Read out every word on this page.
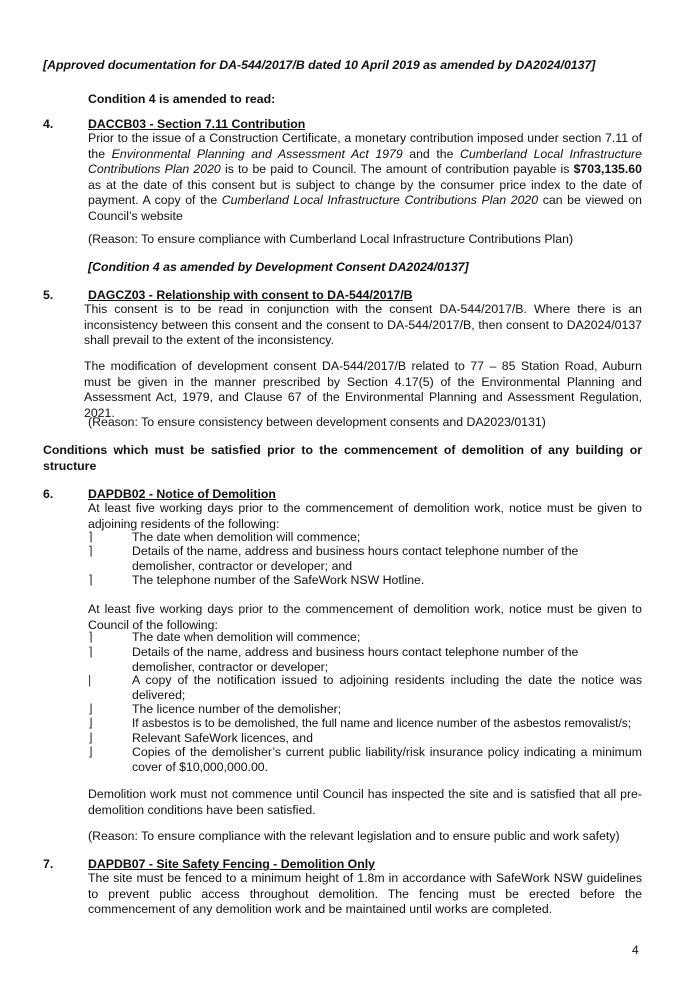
[Approved documentation for DA-544/2017/B dated 10 April 2019 as amended by DA2024/0137]
Condition 4 is amended to read:
4.	DACCB03 - Section 7.11 Contribution
Prior to the issue of a Construction Certificate, a monetary contribution imposed under section 7.11 of the Environmental Planning and Assessment Act 1979 and the Cumberland Local Infrastructure Contributions Plan 2020 is to be paid to Council. The amount of contribution payable is $703,135.60 as at the date of this consent but is subject to change by the consumer price index to the date of payment. A copy of the Cumberland Local Infrastructure Contributions Plan 2020 can be viewed on Council’s website
(Reason: To ensure compliance with Cumberland Local Infrastructure Contributions Plan)
[Condition 4 as amended by Development Consent DA2024/0137]
5.	DAGCZ03 - Relationship with consent to DA-544/2017/B
This consent is to be read in conjunction with the consent DA-544/2017/B. Where there is an inconsistency between this consent and the consent to DA-544/2017/B, then consent to DA2024/0137 shall prevail to the extent of the inconsistency.
The modification of development consent DA-544/2017/B related to 77 – 85 Station Road, Auburn must be given in the manner prescribed by Section 4.17(5) of the Environmental Planning and Assessment Act, 1979, and Clause 67 of the Environmental Planning and Assessment Regulation, 2021.
(Reason: To ensure consistency between development consents and DA2023/0131)
Conditions which must be satisfied prior to the commencement of demolition of any building or structure
6.	DAPDB02 - Notice of Demolition
At least five working days prior to the commencement of demolition work, notice must be given to adjoining residents of the following:
⌉	The date when demolition will commence;
⌉	Details of the name, address and business hours contact telephone number of the demolisher, contractor or developer; and
⌉	The telephone number of the SafeWork NSW Hotline.
At least five working days prior to the commencement of demolition work, notice must be given to Council of the following:
⌉	The date when demolition will commence;
⌉	Details of the name, address and business hours contact telephone number of the demolisher, contractor or developer;
|	A copy of the notification issued to adjoining residents including the date the notice was delivered;
⌋	The licence number of the demolisher;
⌋	If asbestos is to be demolished, the full name and licence number of the asbestos removalist/s;
⌋	Relevant SafeWork licences, and
⌋	Copies of the demolisher’s current public liability/risk insurance policy indicating a minimum cover of $10,000,000.00.
Demolition work must not commence until Council has inspected the site and is satisfied that all pre-demolition conditions have been satisfied.
(Reason: To ensure compliance with the relevant legislation and to ensure public and work safety)
7.	DAPDB07 - Site Safety Fencing - Demolition Only
The site must be fenced to a minimum height of 1.8m in accordance with SafeWork NSW guidelines to prevent public access throughout demolition. The fencing must be erected before the commencement of any demolition work and be maintained until works are completed.
4
